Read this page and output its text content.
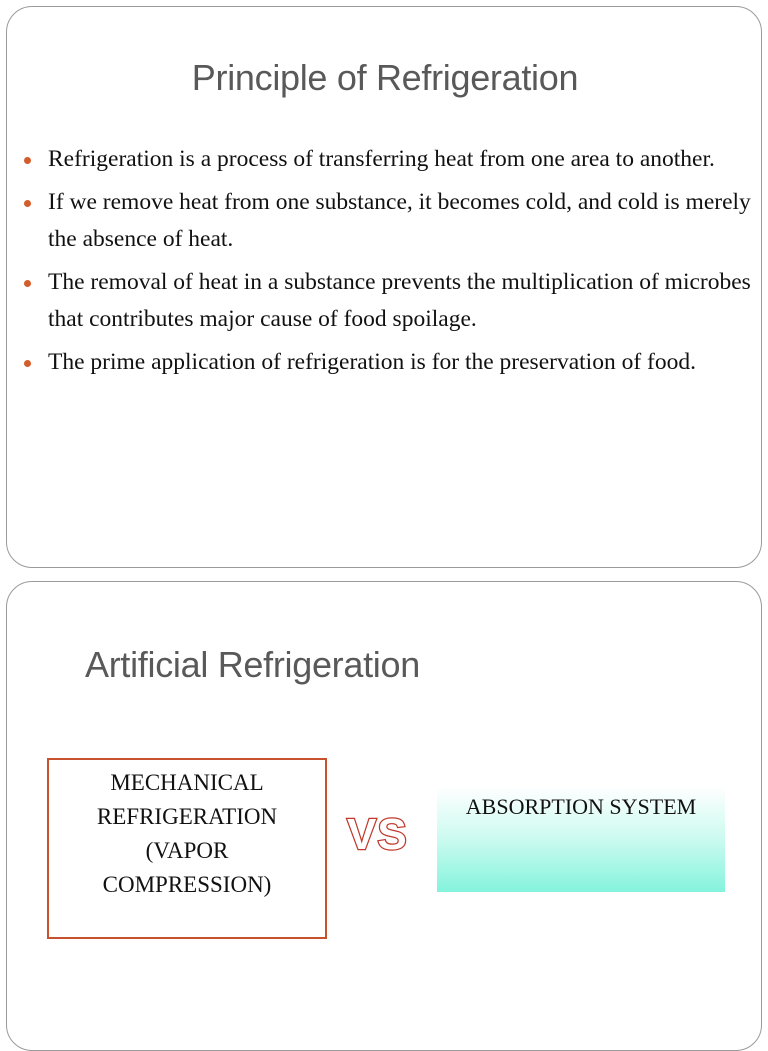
Principle of Refrigeration
Refrigeration is a process of transferring heat from one area to another.
If we remove heat from one substance, it becomes cold, and cold is merely the absence of heat.
The removal of heat in a substance prevents the multiplication of microbes that contributes major cause of food spoilage.
The prime application of refrigeration is for the preservation of food.
Artificial Refrigeration
MECHANICAL REFRIGERATION (VAPOR COMPRESSION)
VS
ABSORPTION SYSTEM
